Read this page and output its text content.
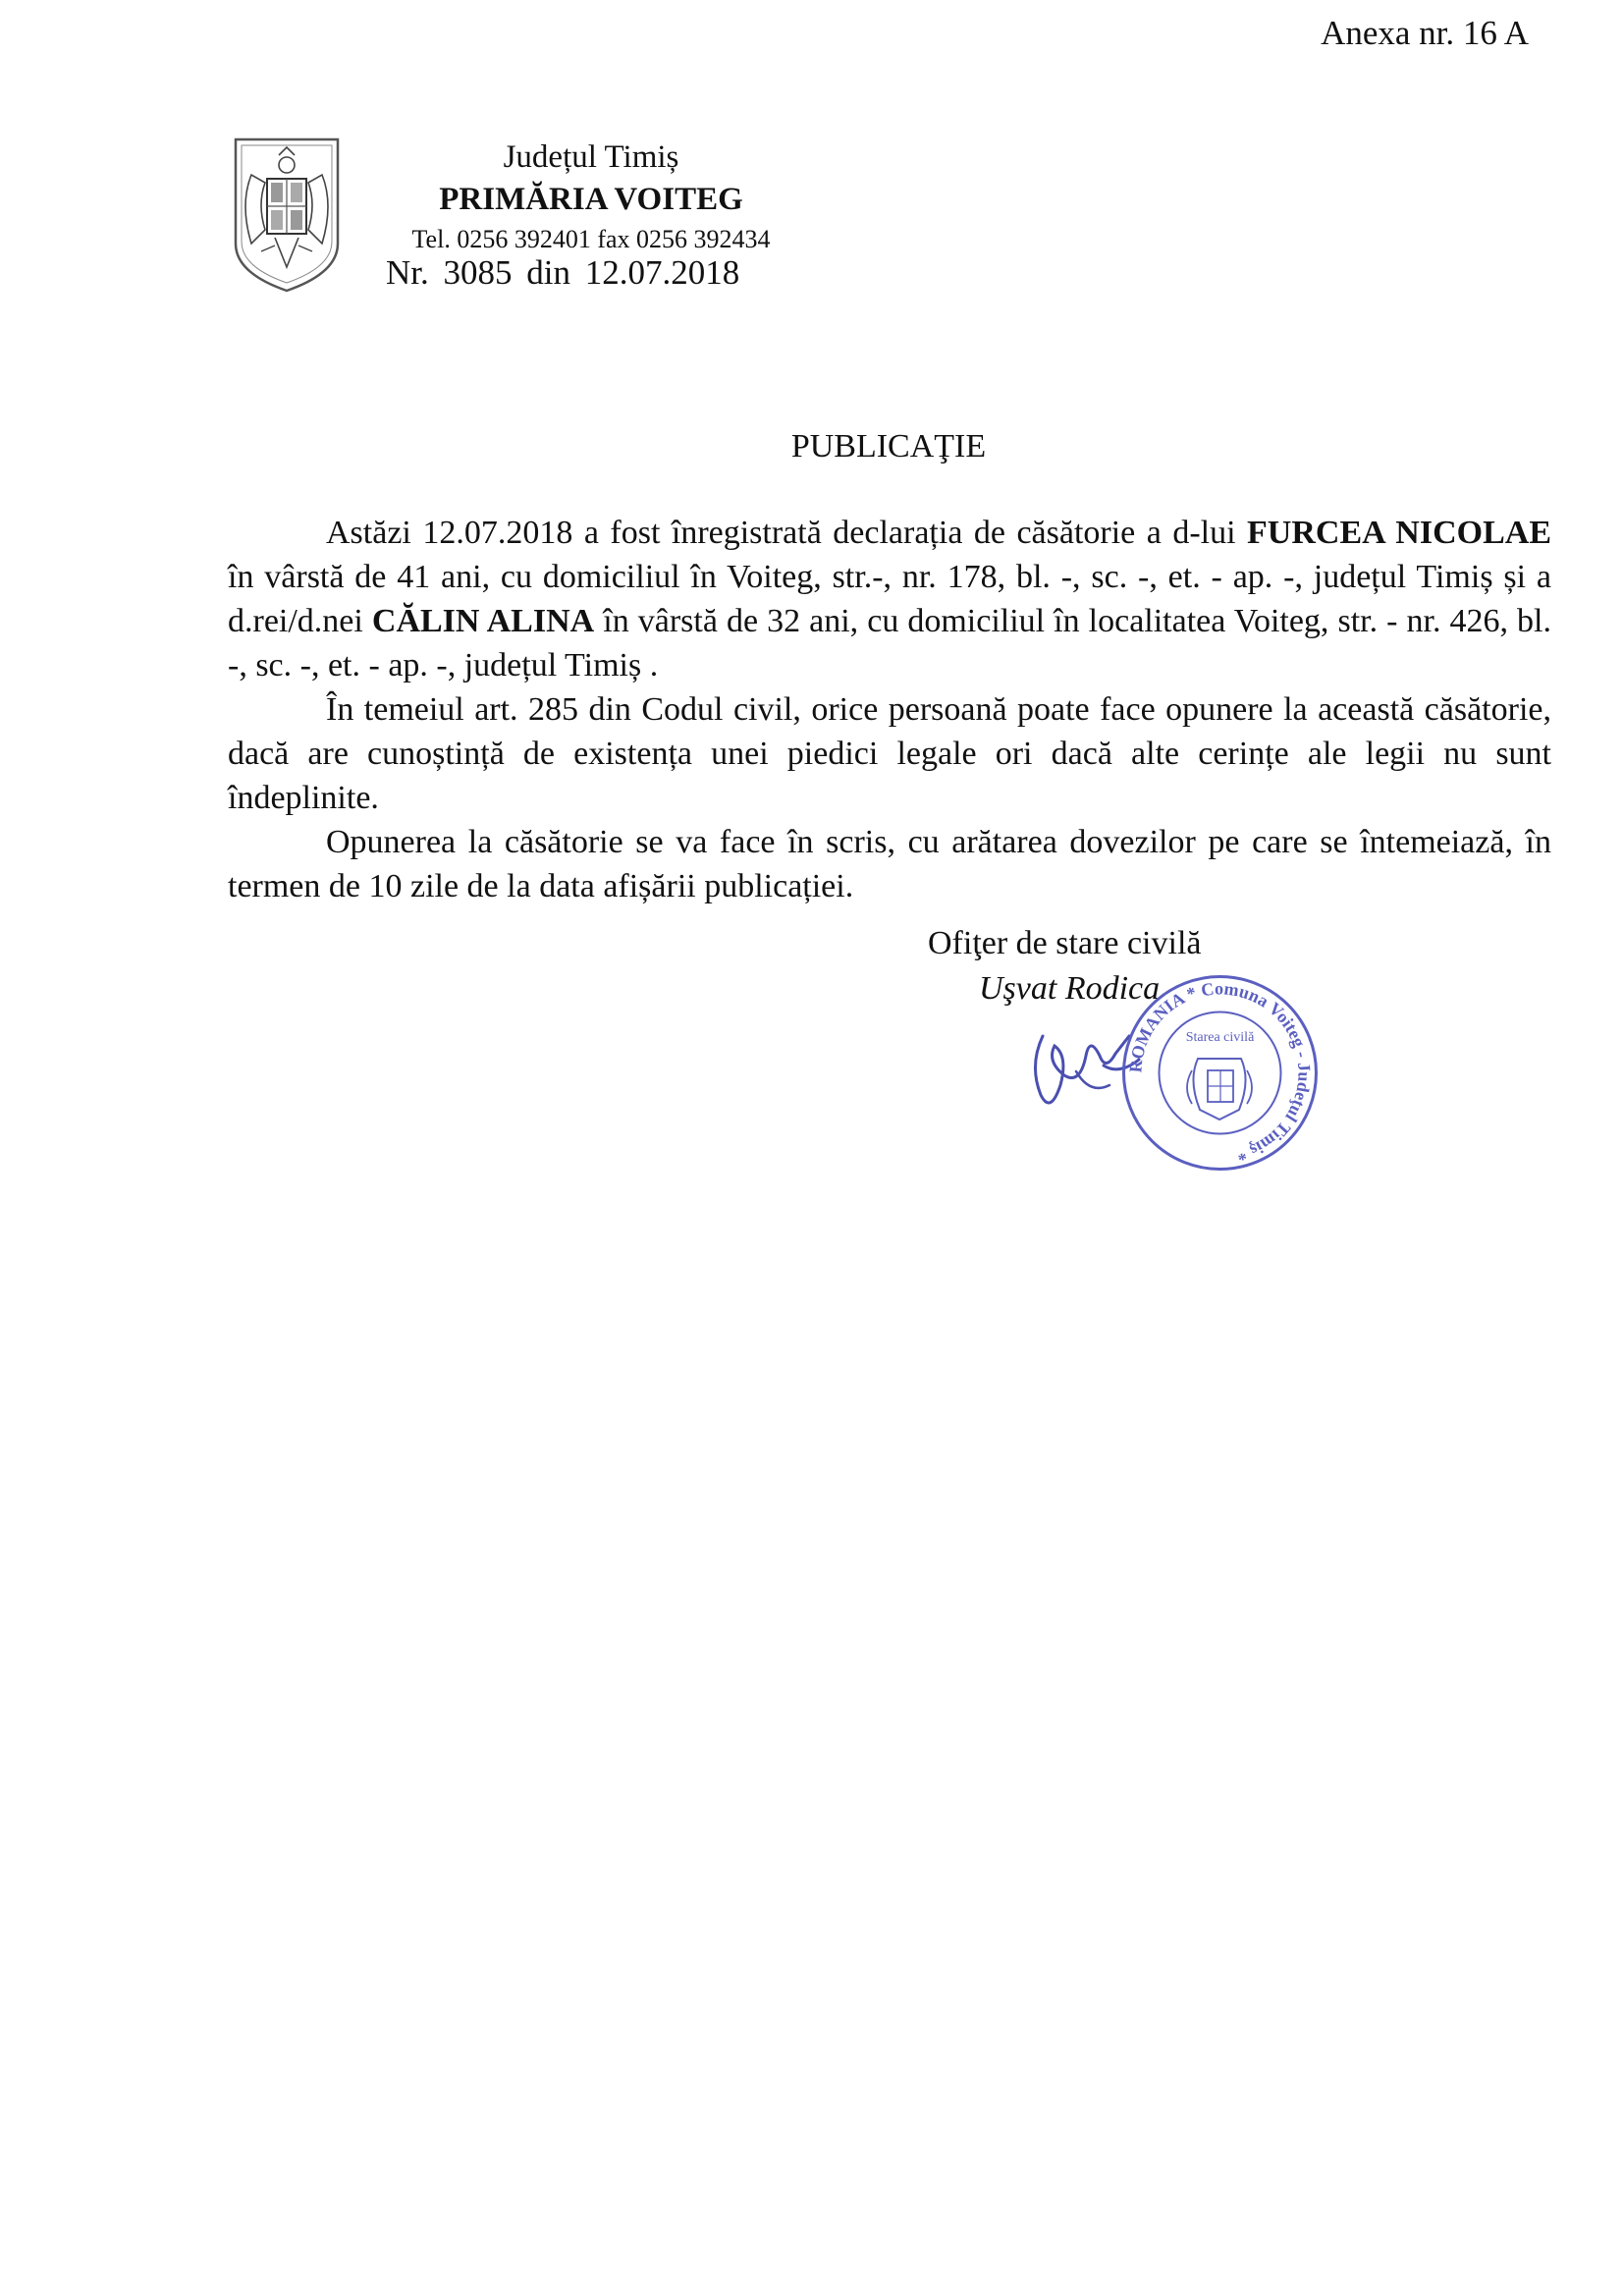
Anexa nr. 16 A
Județul Timiș
PRIMĂRIA VOITEG
Tel. 0256 392401 fax 0256 392434
Nr. 3085 din 12.07.2018
PUBLICAŢIE

Astăzi 12.07.2018 a fost înregistrată declarația de căsătorie a d-lui FURCEA NICOLAE în vârstă de 41 ani, cu domiciliul în Voiteg, str.-, nr. 178, bl. -, sc. -, et. - ap. -, județul Timiș și a d.rei/d.nei CĂLIN ALINA în vârstă de 32 ani, cu domiciliul în localitatea Voiteg, str. - nr. 426, bl. -, sc. -, et. - ap. -, județul Timiș .

În temeiul art. 285 din Codul civil, orice persoană poate face opunere la această căsătorie, dacă are cunoștință de existența unei piedici legale ori dacă alte cerințe ale legii nu sunt îndeplinite.

Opunerea la căsătorie se va face în scris, cu arătarea dovezilor pe care se întemeiază, în termen de 10 zile de la data afișării publicației.

Ofiţer de stare civilă
Uşvat Rodica
ROMANIA * Comuna Voiteg - Judeţul Timiş *
Starea civilă
